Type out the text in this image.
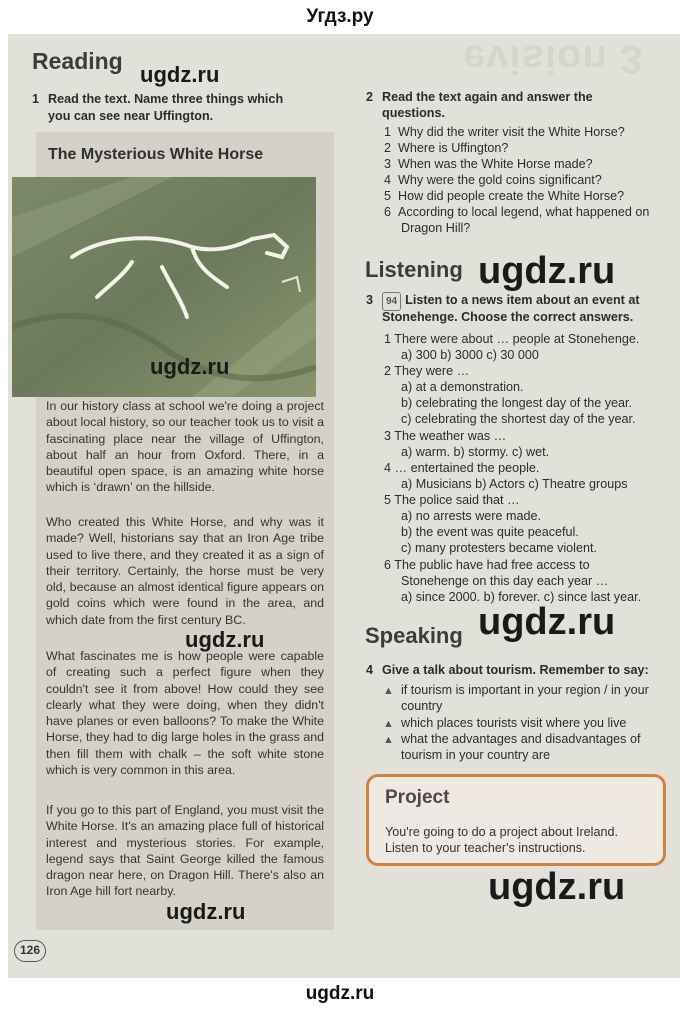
Угдз.ру
evision 3
Reading
1 Read the text. Name three things which
you can see near Uffington.
The Mysterious White Horse
In our history class at school we're doing a project about local history, so our teacher took us to visit a fascinating place near the village of Uffington, about half an hour from Oxford. There, in a beautiful open space, is an amazing white horse which is ‘drawn’ on the hillside.
Who created this White Horse, and why was it made? Well, historians say that an Iron Age tribe used to live there, and they created it as a sign of their territory. Certainly, the horse must be very old, because an almost identical figure appears on gold coins which were found in the area, and which date from the first century BC.
What fascinates me is how people were capable of creating such a perfect figure when they couldn't see it from above! How could they see clearly what they were doing, when they didn't have planes or even balloons? To make the White Horse, they had to dig large holes in the grass and then fill them with chalk – the soft white stone which is very common in this area.
If you go to this part of England, you must visit the White Horse. It's an amazing place full of historical interest and mysterious stories. For example, legend says that Saint George killed the famous dragon near here, on Dragon Hill. There's also an Iron Age hill fort nearby.
126
2 Read the text again and answer the
questions.
1 Why did the writer visit the White Horse?
2 Where is Uffington?
3 When was the White Horse made?
4 Why were the gold coins significant?
5 How did people create the White Horse?
6 According to local legend, what happened on
Dragon Hill?
Listening
3 94 Listen to a news item about an event at
Stonehenge. Choose the correct answers.
1 There were about … people at Stonehenge.
a) 300 b) 3000 c) 30 000
2 They were …
a) at a demonstration.
b) celebrating the longest day of the year.
c) celebrating the shortest day of the year.
3 The weather was …
a) warm. b) stormy. c) wet.
4 … entertained the people.
a) Musicians b) Actors c) Theatre groups
5 The police said that …
a) no arrests were made.
b) the event was quite peaceful.
c) many protesters became violent.
6 The public have had free access to
Stonehenge on this day each year …
a) since 2000. b) forever. c) since last year.
Speaking
4 Give a talk about tourism. Remember to say:
▲ if tourism is important in your region / in your
country
▲ which places tourists visit where you live
▲ what the advantages and disadvantages of
tourism in your country are
Project
You're going to do a project about Ireland.
Listen to your teacher's instructions.
ugdz.ru
ugdz.ru
ugdz.ru
ugdz.ru	ugdz.ru
ugdz.ru
ugdz.ru
ugdz.ru
